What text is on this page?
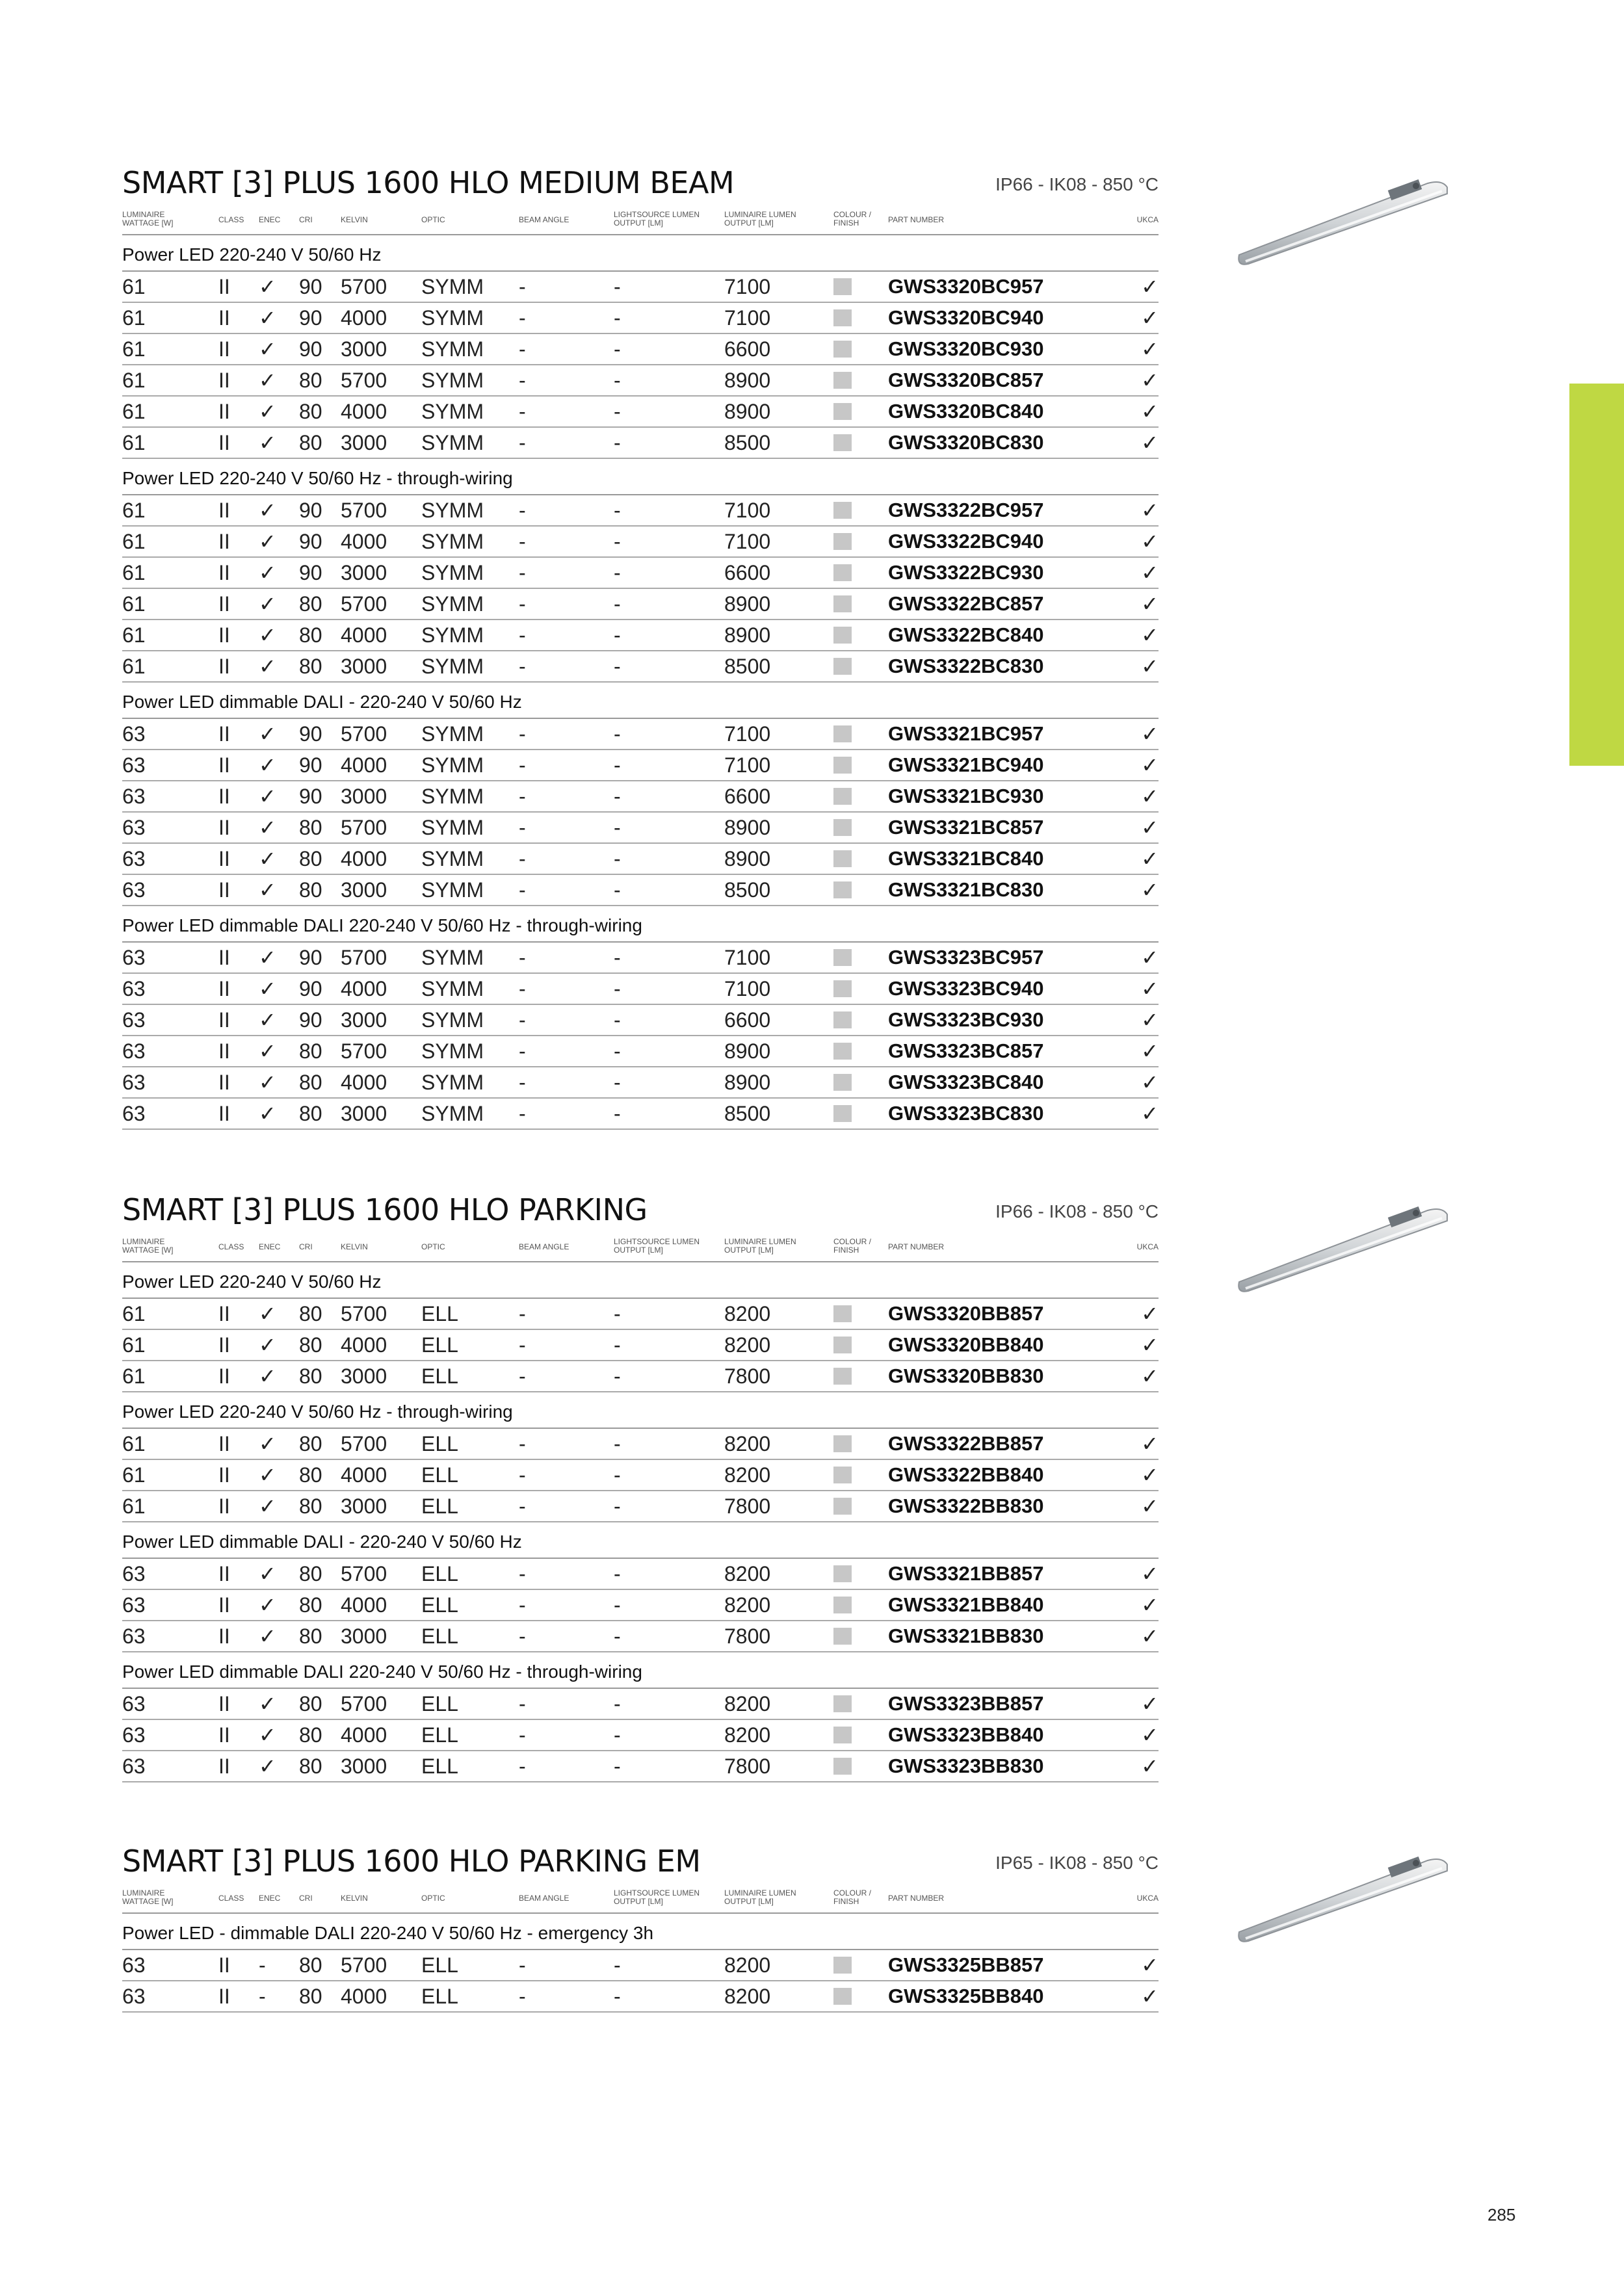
SMART [3] PLUS 1600 HLO MEDIUM BEAM	IP66 - IK08 - 850 °C
LUMINAIRE
WATTAGE [W]	CLASS ENEC CRI	KELVIN	OPTIC	BEAM ANGLE
LIGHTSOURCE LUMEN
OUTPUT [LM]
LUMINAIRE LUMEN
OUTPUT [LM]
COLOUR /
FINISH	PART NUMBER	UKCA
Power LED 220-240 V 50/60 Hz
61	II ✓ 90 5700 SYMM -	-	7100	GWS3320BC957	✓
61	II ✓ 90 4000 SYMM -	-	7100	GWS3320BC940	✓
61	II ✓ 90 3000 SYMM -	-	6600	GWS3320BC930	✓
61	II ✓ 80 5700 SYMM -	-	8900	GWS3320BC857	✓
61	II ✓ 80 4000 SYMM -	-	8900	GWS3320BC840	✓
61	II ✓ 80 3000 SYMM -	-	8500	GWS3320BC830	✓
Power LED 220-240 V 50/60 Hz - through-wiring
61	II ✓ 90 5700 SYMM -	-	7100	GWS3322BC957	✓
61	II ✓ 90 4000 SYMM -	-	7100	GWS3322BC940	✓
61	II ✓ 90 3000 SYMM -	-	6600	GWS3322BC930	✓
61	II ✓ 80 5700 SYMM -	-	8900	GWS3322BC857	✓
61	II ✓ 80 4000 SYMM -	-	8900	GWS3322BC840	✓
61	II ✓ 80 3000 SYMM -	-	8500	GWS3322BC830	✓
Power LED dimmable DALI - 220-240 V 50/60 Hz
63	II ✓ 90 5700 SYMM -	-	7100	GWS3321BC957	✓
63	II ✓ 90 4000 SYMM -	-	7100	GWS3321BC940	✓
63	II ✓ 90 3000 SYMM -	-	6600	GWS3321BC930	✓
63	II ✓ 80 5700 SYMM -	-	8900	GWS3321BC857	✓
63	II ✓ 80 4000 SYMM -	-	8900	GWS3321BC840	✓
63	II ✓ 80 3000 SYMM -	-	8500	GWS3321BC830	✓
Power LED dimmable DALI 220-240 V 50/60 Hz - through-wiring
63	II ✓ 90 5700 SYMM -	-	7100	GWS3323BC957	✓
63	II ✓ 90 4000 SYMM -	-	7100	GWS3323BC940	✓
63	II ✓ 90 3000 SYMM -	-	6600	GWS3323BC930	✓
63	II ✓ 80 5700 SYMM -	-	8900	GWS3323BC857	✓
63	II ✓ 80 4000 SYMM -	-	8900	GWS3323BC840	✓
63	II ✓ 80 3000 SYMM -	-	8500	GWS3323BC830	✓
SMART [3] PLUS 1600 HLO PARKING	IP66 - IK08 - 850 °C
LUMINAIRE
WATTAGE [W]	CLASS ENEC CRI	KELVIN	OPTIC	BEAM ANGLE
LIGHTSOURCE LUMEN
OUTPUT [LM]
LUMINAIRE LUMEN
OUTPUT [LM]
COLOUR /
FINISH	PART NUMBER	UKCA
Power LED 220-240 V 50/60 Hz
61	II ✓ 80 5700 ELL	-	-	8200	GWS3320BB857	✓
61	II ✓ 80 4000 ELL	-	-	8200	GWS3320BB840	✓
61	II ✓ 80 3000 ELL	-	-	7800	GWS3320BB830	✓
Power LED 220-240 V 50/60 Hz - through-wiring
61	II ✓ 80 5700 ELL	-	-	8200	GWS3322BB857	✓
61	II ✓ 80 4000 ELL	-	-	8200	GWS3322BB840	✓
61	II ✓ 80 3000 ELL	-	-	7800	GWS3322BB830	✓
Power LED dimmable DALI - 220-240 V 50/60 Hz
63	II ✓ 80 5700 ELL	-	-	8200	GWS3321BB857	✓
63	II ✓ 80 4000 ELL	-	-	8200	GWS3321BB840	✓
63	II ✓ 80 3000 ELL	-	-	7800	GWS3321BB830	✓
Power LED dimmable DALI 220-240 V 50/60 Hz - through-wiring
63	II ✓ 80 5700 ELL	-	-	8200	GWS3323BB857	✓
63	II ✓ 80 4000 ELL	-	-	8200	GWS3323BB840	✓
63	II ✓ 80 3000 ELL	-	-	7800	GWS3323BB830	✓
SMART [3] PLUS 1600 HLO PARKING EM	IP65 - IK08 - 850 °C
LUMINAIRE
WATTAGE [W]	CLASS ENEC CRI	KELVIN	OPTIC	BEAM ANGLE
LIGHTSOURCE LUMEN
OUTPUT [LM]
LUMINAIRE LUMEN
OUTPUT [LM]
COLOUR /
FINISH	PART NUMBER	UKCA
Power LED - dimmable DALI 220-240 V 50/60 Hz - emergency 3h
63	II - 80 5700 ELL	-	-	8200	GWS3325BB857	✓
63	II - 80 4000 ELL	-	-	8200	GWS3325BB840	✓
285
